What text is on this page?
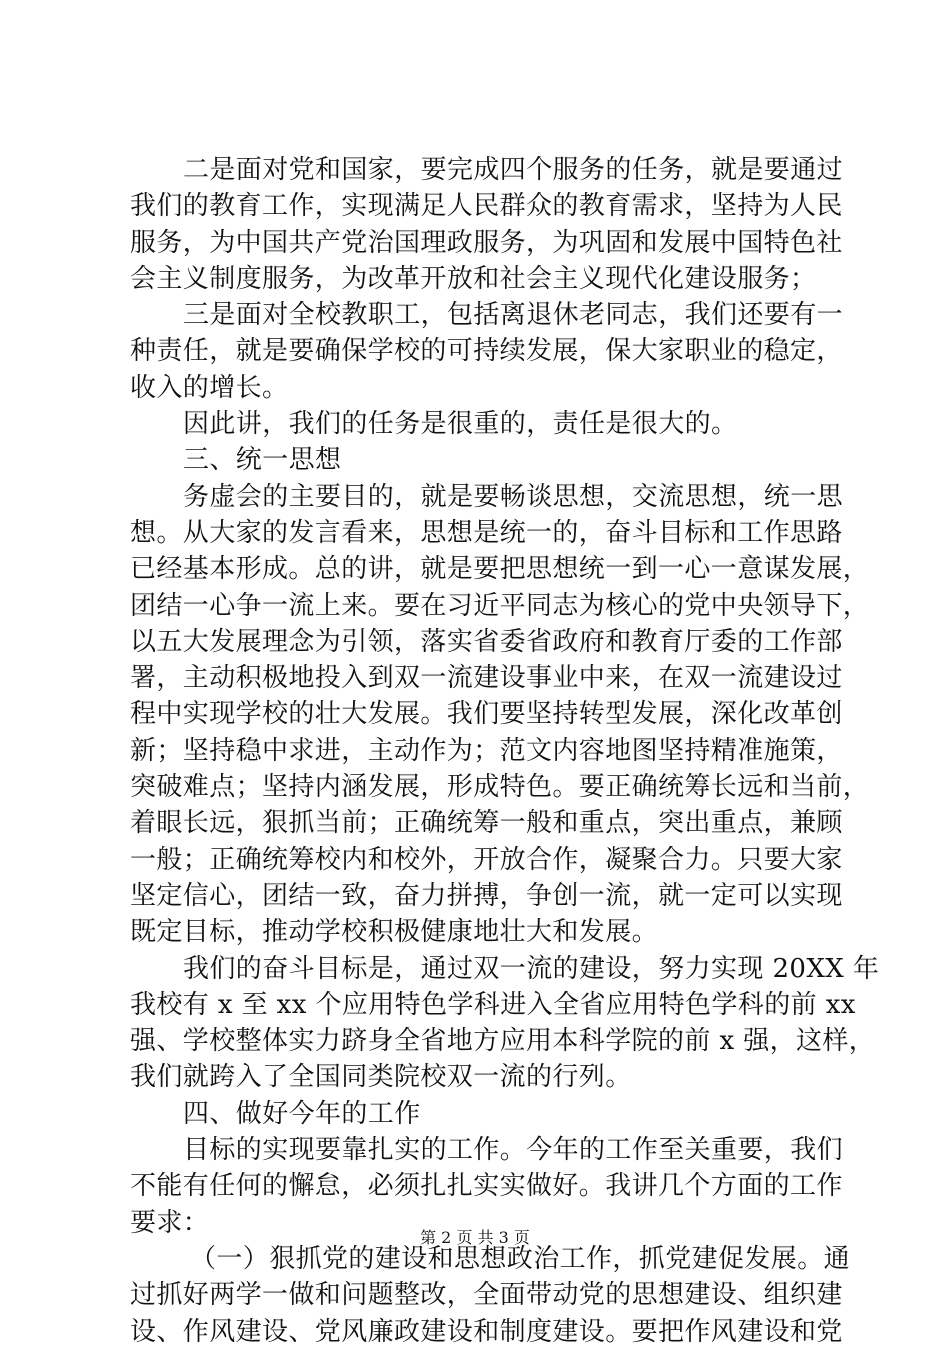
二是面对党和国家，要完成四个服务的任务，就是要通过
我们的教育工作，实现满足人民群众的教育需求，坚持为人民
服务，为中国共产党治国理政服务，为巩固和发展中国特色社
会主义制度服务，为改革开放和社会主义现代化建设服务；
三是面对全校教职工，包括离退休老同志，我们还要有一
种责任，就是要确保学校的可持续发展，保大家职业的稳定，
收入的增长。
因此讲，我们的任务是很重的，责任是很大的。
三、统一思想
务虚会的主要目的，就是要畅谈思想，交流思想，统一思
想。从大家的发言看来，思想是统一的，奋斗目标和工作思路
已经基本形成。总的讲，就是要把思想统一到一心一意谋发展，
团结一心争一流上来。要在习近平同志为核心的党中央领导下，
以五大发展理念为引领，落实省委省政府和教育厅委的工作部
署，主动积极地投入到双一流建设事业中来，在双一流建设过
程中实现学校的壮大发展。我们要坚持转型发展，深化改革创
新；坚持稳中求进，主动作为；范文内容地图坚持精准施策，
突破难点；坚持内涵发展，形成特色。要正确统筹长远和当前，
着眼长远，狠抓当前；正确统筹一般和重点，突出重点，兼顾
一般；正确统筹校内和校外，开放合作，凝聚合力。只要大家
坚定信心，团结一致，奋力拼搏，争创一流，就一定可以实现
既定目标，推动学校积极健康地壮大和发展。
我们的奋斗目标是，通过双一流的建设，努力实现 20XX 年
我校有 x 至 xx 个应用特色学科进入全省应用特色学科的前 xx
强、学校整体实力跻身全省地方应用本科学院的前 x 强，这样，
我们就跨入了全国同类院校双一流的行列。
四、做好今年的工作
目标的实现要靠扎实的工作。今年的工作至关重要，我们
不能有任何的懈怠，必须扎扎实实做好。我讲几个方面的工作
要求：
（一）狠抓党的建设和思想政治工作，抓党建促发展。通
过抓好两学一做和问题整改，全面带动党的思想建设、组织建
设、作风建设、党风廉政建设和制度建设。要把作风建设和党
第 2 页 共 3 页
